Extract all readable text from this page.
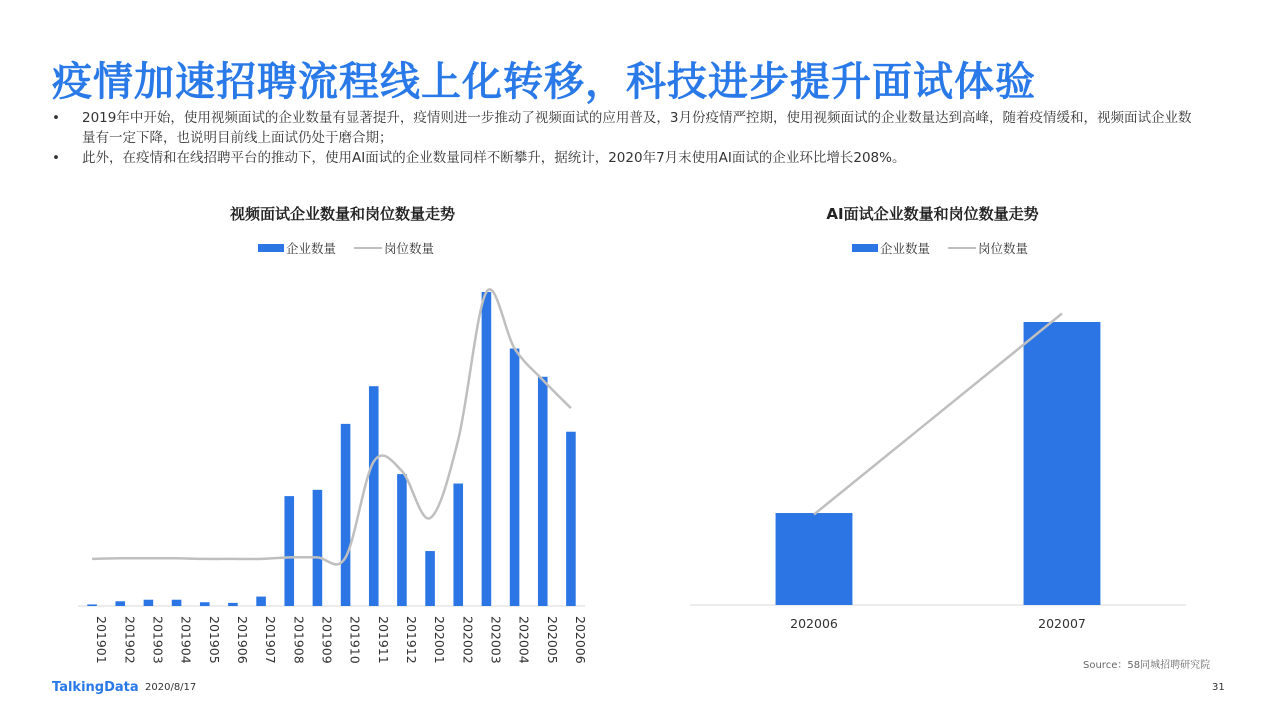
疫情加速招聘流程线上化转移，科技进步提升面试体验
• 2019年中开始，使用视频面试的企业数量有显著提升，疫情则进一步推动了视频面试的应用普及，3月份疫情严控期，使用视频面试的企业数量达到高峰，随着疫情缓和，视频面试企业数量有一定下降，也说明目前线上面试仍处于磨合期；
• 此外，在疫情和在线招聘平台的推动下，使用AI面试的企业数量同样不断攀升，据统计，2020年7月末使用AI面试的企业环比增长208%。
视频面试企业数量和岗位数量走势
企业数量	岗位数量
201901 201902 201903 201904 201905 201906 201907 201908 201909 201910 201911 201912 202001 202002 202003 202004 202005 202006
AI面试企业数量和岗位数量走势
企业数量	岗位数量
202006	202007
Source：58同城招聘研究院
TalkingData 2020/8/17	31
